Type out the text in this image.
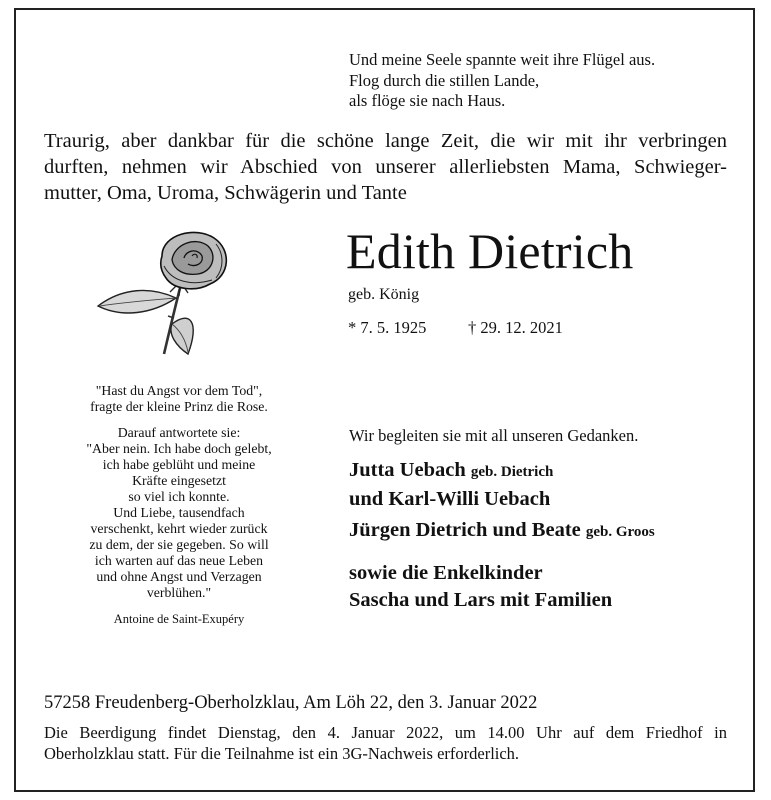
Und meine Seele spannte weit ihre Flügel aus.
Flog durch die stillen Lande,
als flöge sie nach Haus.
Traurig, aber dankbar für die schöne lange Zeit, die wir mit ihr verbringen
durften, nehmen wir Abschied von unserer allerliebsten Mama, Schwieger-
mutter, Oma, Uroma, Schwägerin und Tante
Edith Dietrich
geb. König
* 7. 5. 1925	† 29. 12. 2021
"Hast du Angst vor dem Tod",
fragte der kleine Prinz die Rose.
Darauf antwortete sie:
"Aber nein. Ich habe doch gelebt,
ich habe geblüht und meine
Kräfte eingesetzt
so viel ich konnte.
Und Liebe, tausendfach
verschenkt, kehrt wieder zurück
zu dem, der sie gegeben. So will
ich warten auf das neue Leben
und ohne Angst und Verzagen
verblühen."
Antoine de Saint-Exupéry
Wir begleiten sie mit all unseren Gedanken.
Jutta Uebach geb. Dietrich
und Karl-Willi Uebach
Jürgen Dietrich und Beate geb. Groos
sowie die Enkelkinder
Sascha und Lars mit Familien
57258 Freudenberg-Oberholzklau, Am Löh 22, den 3. Januar 2022
Die Beerdigung findet Dienstag, den 4. Januar 2022, um 14.00 Uhr auf dem Friedhof in
Oberholzklau statt. Für die Teilnahme ist ein 3G-Nachweis erforderlich.
